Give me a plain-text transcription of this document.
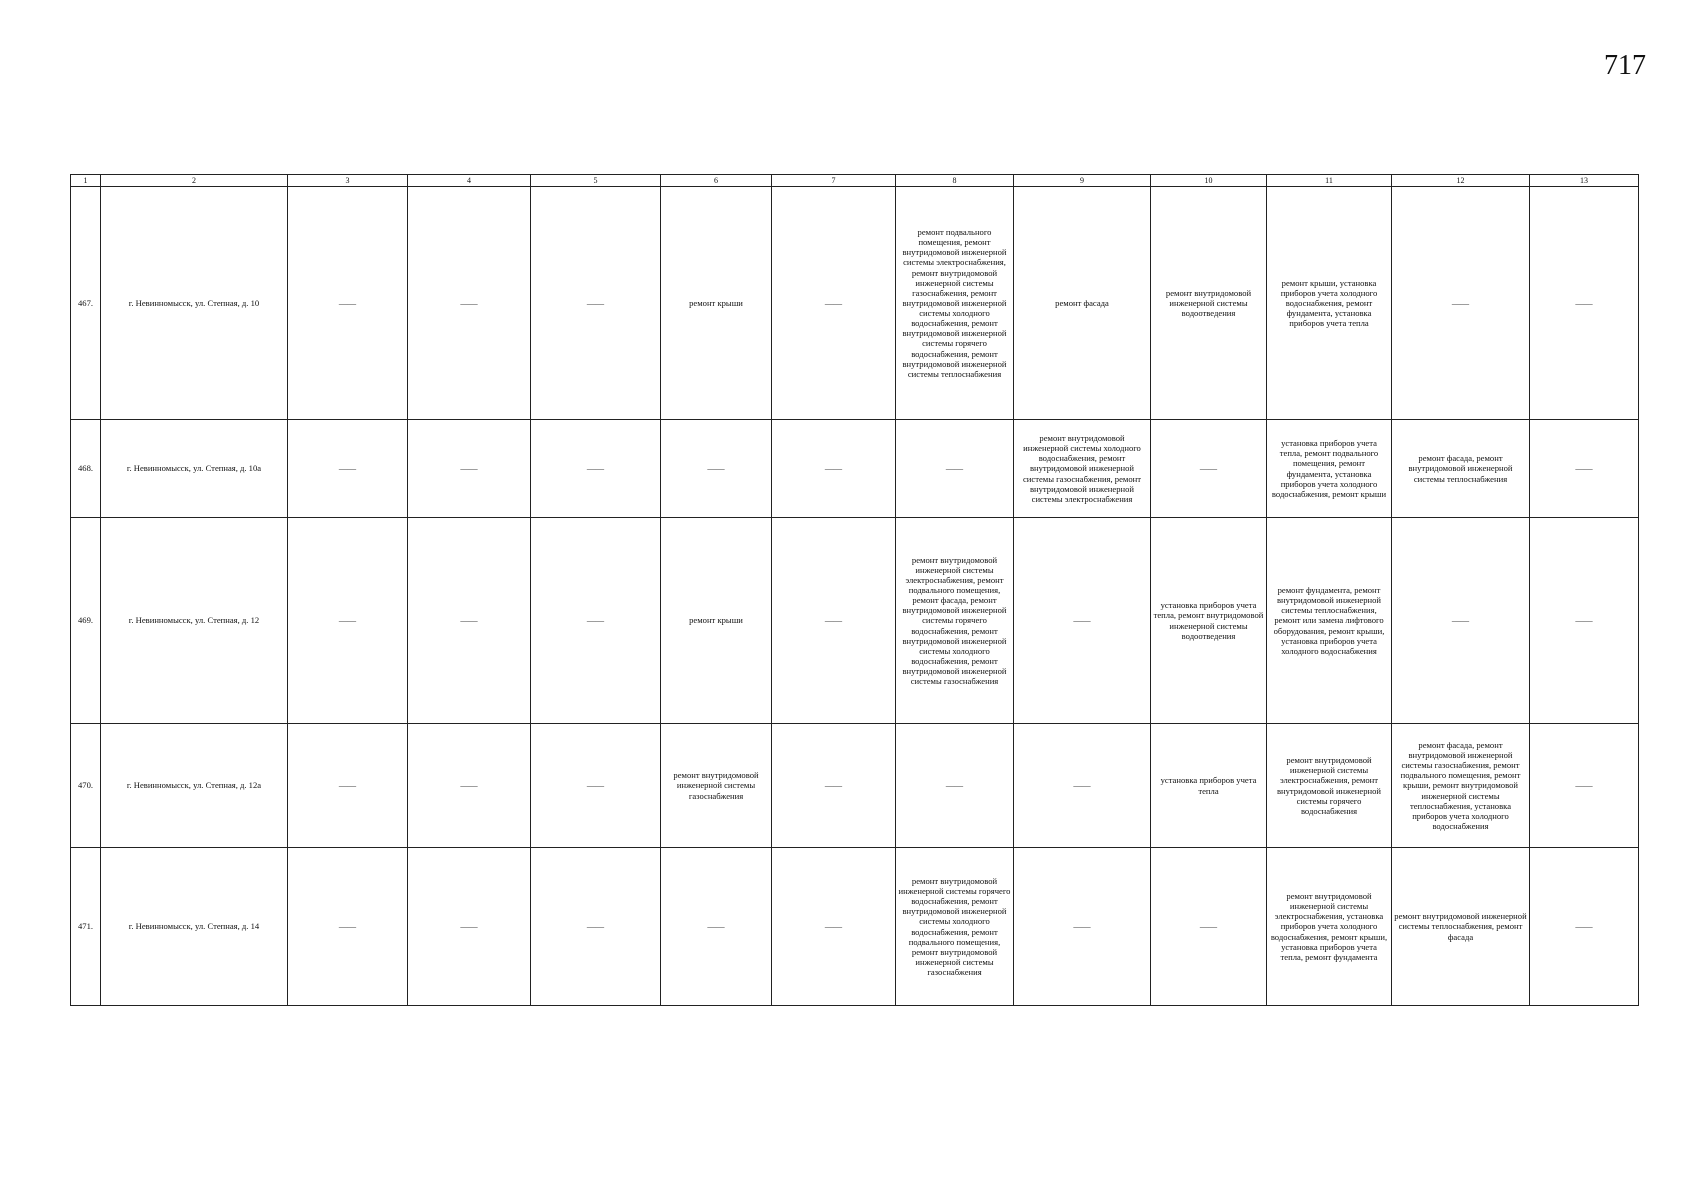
717
1	2	3	4	5	6	7	8	9	10	11	12	13
467.	г. Невинномысск, ул. Степная, д. 10	——	——	——	ремонт крыши	——	ремонт подвального помещения, ремонт внутридомовой инженерной системы электроснабжения, ремонт внутридомовой инженерной системы газоснабжения, ремонт внутридомовой инженерной системы холодного водоснабжения, ремонт внутридомовой инженерной системы горячего водоснабжения, ремонт внутридомовой инженерной системы теплоснабжения	ремонт фасада	ремонт внутридомовой инженерной системы водоотведения	ремонт крыши, установка приборов учета холодного водоснабжения, ремонт фундамента, установка приборов учета тепла	——	——
468.	г. Невинномысск, ул. Степная, д. 10а	——	——	——	——	——	——	ремонт внутридомовой инженерной системы холодного водоснабжения, ремонт внутридомовой инженерной системы газоснабжения, ремонт внутридомовой инженерной системы электроснабжения	——	установка приборов учета тепла, ремонт подвального помещения, ремонт фундамента, установка приборов учета холодного водоснабжения, ремонт крыши	ремонт фасада, ремонт внутридомовой инженерной системы теплоснабжения	——
469.	г. Невинномысск, ул. Степная, д. 12	——	——	——	ремонт крыши	——	ремонт внутридомовой инженерной системы электроснабжения, ремонт подвального помещения, ремонт фасада, ремонт внутридомовой инженерной системы горячего водоснабжения, ремонт внутридомовой инженерной системы холодного водоснабжения, ремонт внутридомовой инженерной системы газоснабжения	——	установка приборов учета тепла, ремонт внутридомовой инженерной системы водоотведения	ремонт фундамента, ремонт внутридомовой инженерной системы теплоснабжения, ремонт или замена лифтового оборудования, ремонт крыши, установка приборов учета холодного водоснабжения	——	——
470.	г. Невинномысск, ул. Степная, д. 12а	——	——	——	ремонт внутридомовой инженерной системы газоснабжения	——	——	——	установка приборов учета тепла	ремонт внутридомовой инженерной системы электроснабжения, ремонт внутридомовой инженерной системы горячего водоснабжения	ремонт фасада, ремонт внутридомовой инженерной системы газоснабжения, ремонт подвального помещения, ремонт крыши, ремонт внутридомовой инженерной системы теплоснабжения, установка приборов учета холодного водоснабжения	——
471.	г. Невинномысск, ул. Степная, д. 14	——	——	——	——	——	ремонт внутридомовой инженерной системы горячего водоснабжения, ремонт внутридомовой инженерной системы холодного водоснабжения, ремонт подвального помещения, ремонт внутридомовой инженерной системы газоснабжения	——	——	ремонт внутридомовой инженерной системы электроснабжения, установка приборов учета холодного водоснабжения, ремонт крыши, установка приборов учета тепла, ремонт фундамента	ремонт внутридомовой инженерной системы теплоснабжения, ремонт фасада	——
